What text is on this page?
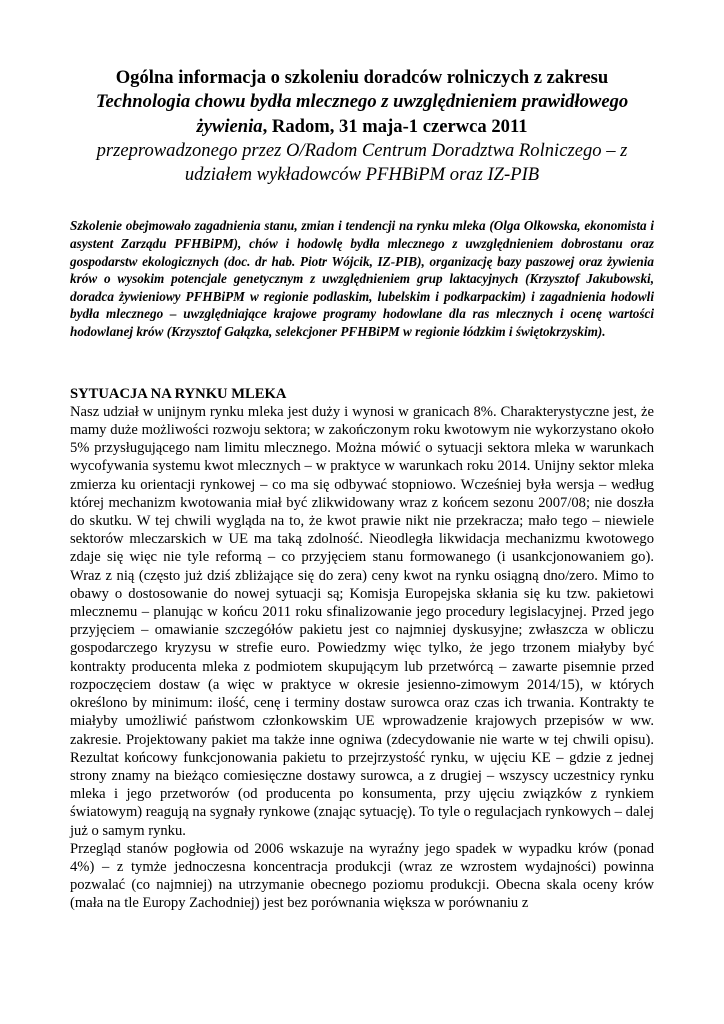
Ogólna informacja o szkoleniu doradców rolniczych z zakresu
Technologia chowu bydła mlecznego z uwzględnieniem prawidłowego żywienia, Radom, 31 maja-1 czerwca 2011
przeprowadzonego przez O/Radom Centrum Doradztwa Rolniczego – z udziałem wykładowców PFHBiPM oraz IZ-PIB

Szkolenie obejmowało zagadnienia stanu, zmian i tendencji na rynku mleka (Olga Olkowska, ekonomista i asystent Zarządu PFHBiPM), chów i hodowlę bydła mlecznego z uwzględnieniem dobrostanu oraz gospodarstw ekologicznych (doc. dr hab. Piotr Wójcik, IZ-PIB), organizację bazy paszowej oraz żywienia krów o wysokim potencjale genetycznym z uwzględnieniem grup laktacyjnych (Krzysztof Jakubowski, doradca żywieniowy PFHBiPM w regionie podlaskim, lubelskim i podkarpackim) i zagadnienia hodowli bydła mlecznego – uwzględniające krajowe programy hodowlane dla ras mlecznych i ocenę wartości hodowlanej krów (Krzysztof Gałązka, selekcjoner PFHBiPM w regionie łódzkim i świętokrzyskim).

SYTUACJA NA RYNKU MLEKA

Nasz udział w unijnym rynku mleka jest duży i wynosi w granicach 8%. Charakterystyczne jest, że mamy duże możliwości rozwoju sektora; w zakończonym roku kwotowym nie wykorzystano około 5% przysługującego nam limitu mlecznego. Można mówić o sytuacji sektora mleka w warunkach wycofywania systemu kwot mlecznych – w praktyce w warunkach roku 2014. Unijny sektor mleka zmierza ku orientacji rynkowej – co ma się odbywać stopniowo. Wcześniej była wersja – według której mechanizm kwotowania miał być zlikwidowany wraz z końcem sezonu 2007/08; nie doszła do skutku. W tej chwili wygląda na to, że kwot prawie nikt nie przekracza; mało tego – niewiele sektorów mleczarskich w UE ma taką zdolność. Nieodległa likwidacja mechanizmu kwotowego zdaje się więc nie tyle reformą – co przyjęciem stanu formowanego (i usankcjonowaniem go). Wraz z nią (często już dziś zbliżające się do zera) ceny kwot na rynku osiągną dno/zero. Mimo to obawy o dostosowanie do nowej sytuacji są; Komisja Europejska skłania się ku tzw. pakietowi mlecznemu – planując w końcu 2011 roku sfinalizowanie jego procedury legislacyjnej. Przed jego przyjęciem – omawianie szczegółów pakietu jest co najmniej dyskusyjne; zwłaszcza w obliczu gospodarczego kryzysu w strefie euro. Powiedzmy więc tylko, że jego trzonem miałyby być kontrakty producenta mleka z podmiotem skupującym lub przetwórcą – zawarte pisemnie przed rozpoczęciem dostaw (a więc w praktyce w okresie jesienno-zimowym 2014/15), w których określono by minimum: ilość, cenę i terminy dostaw surowca oraz czas ich trwania. Kontrakty te miałyby umożliwić państwom członkowskim UE wprowadzenie krajowych przepisów w ww. zakresie. Projektowany pakiet ma także inne ogniwa (zdecydowanie nie warte w tej chwili opisu). Rezultat końcowy funkcjonowania pakietu to przejrzystość rynku, w ujęciu KE – gdzie z jednej strony znamy na bieżąco comiesięczne dostawy surowca, a z drugiej – wszyscy uczestnicy rynku mleka i jego przetworów (od producenta po konsumenta, przy ujęciu związków z rynkiem światowym) reagują na sygnały rynkowe (znając sytuację). To tyle o regulacjach rynkowych – dalej już o samym rynku.

Przegląd stanów pogłowia od 2006 wskazuje na wyraźny jego spadek w wypadku krów (ponad 4%) – z tymże jednoczesna koncentracja produkcji (wraz ze wzrostem wydajności) powinna pozwalać (co najmniej) na utrzymanie obecnego poziomu produkcji. Obecna skala oceny krów (mała na tle Europy Zachodniej) jest bez porównania większa w porównaniu z
